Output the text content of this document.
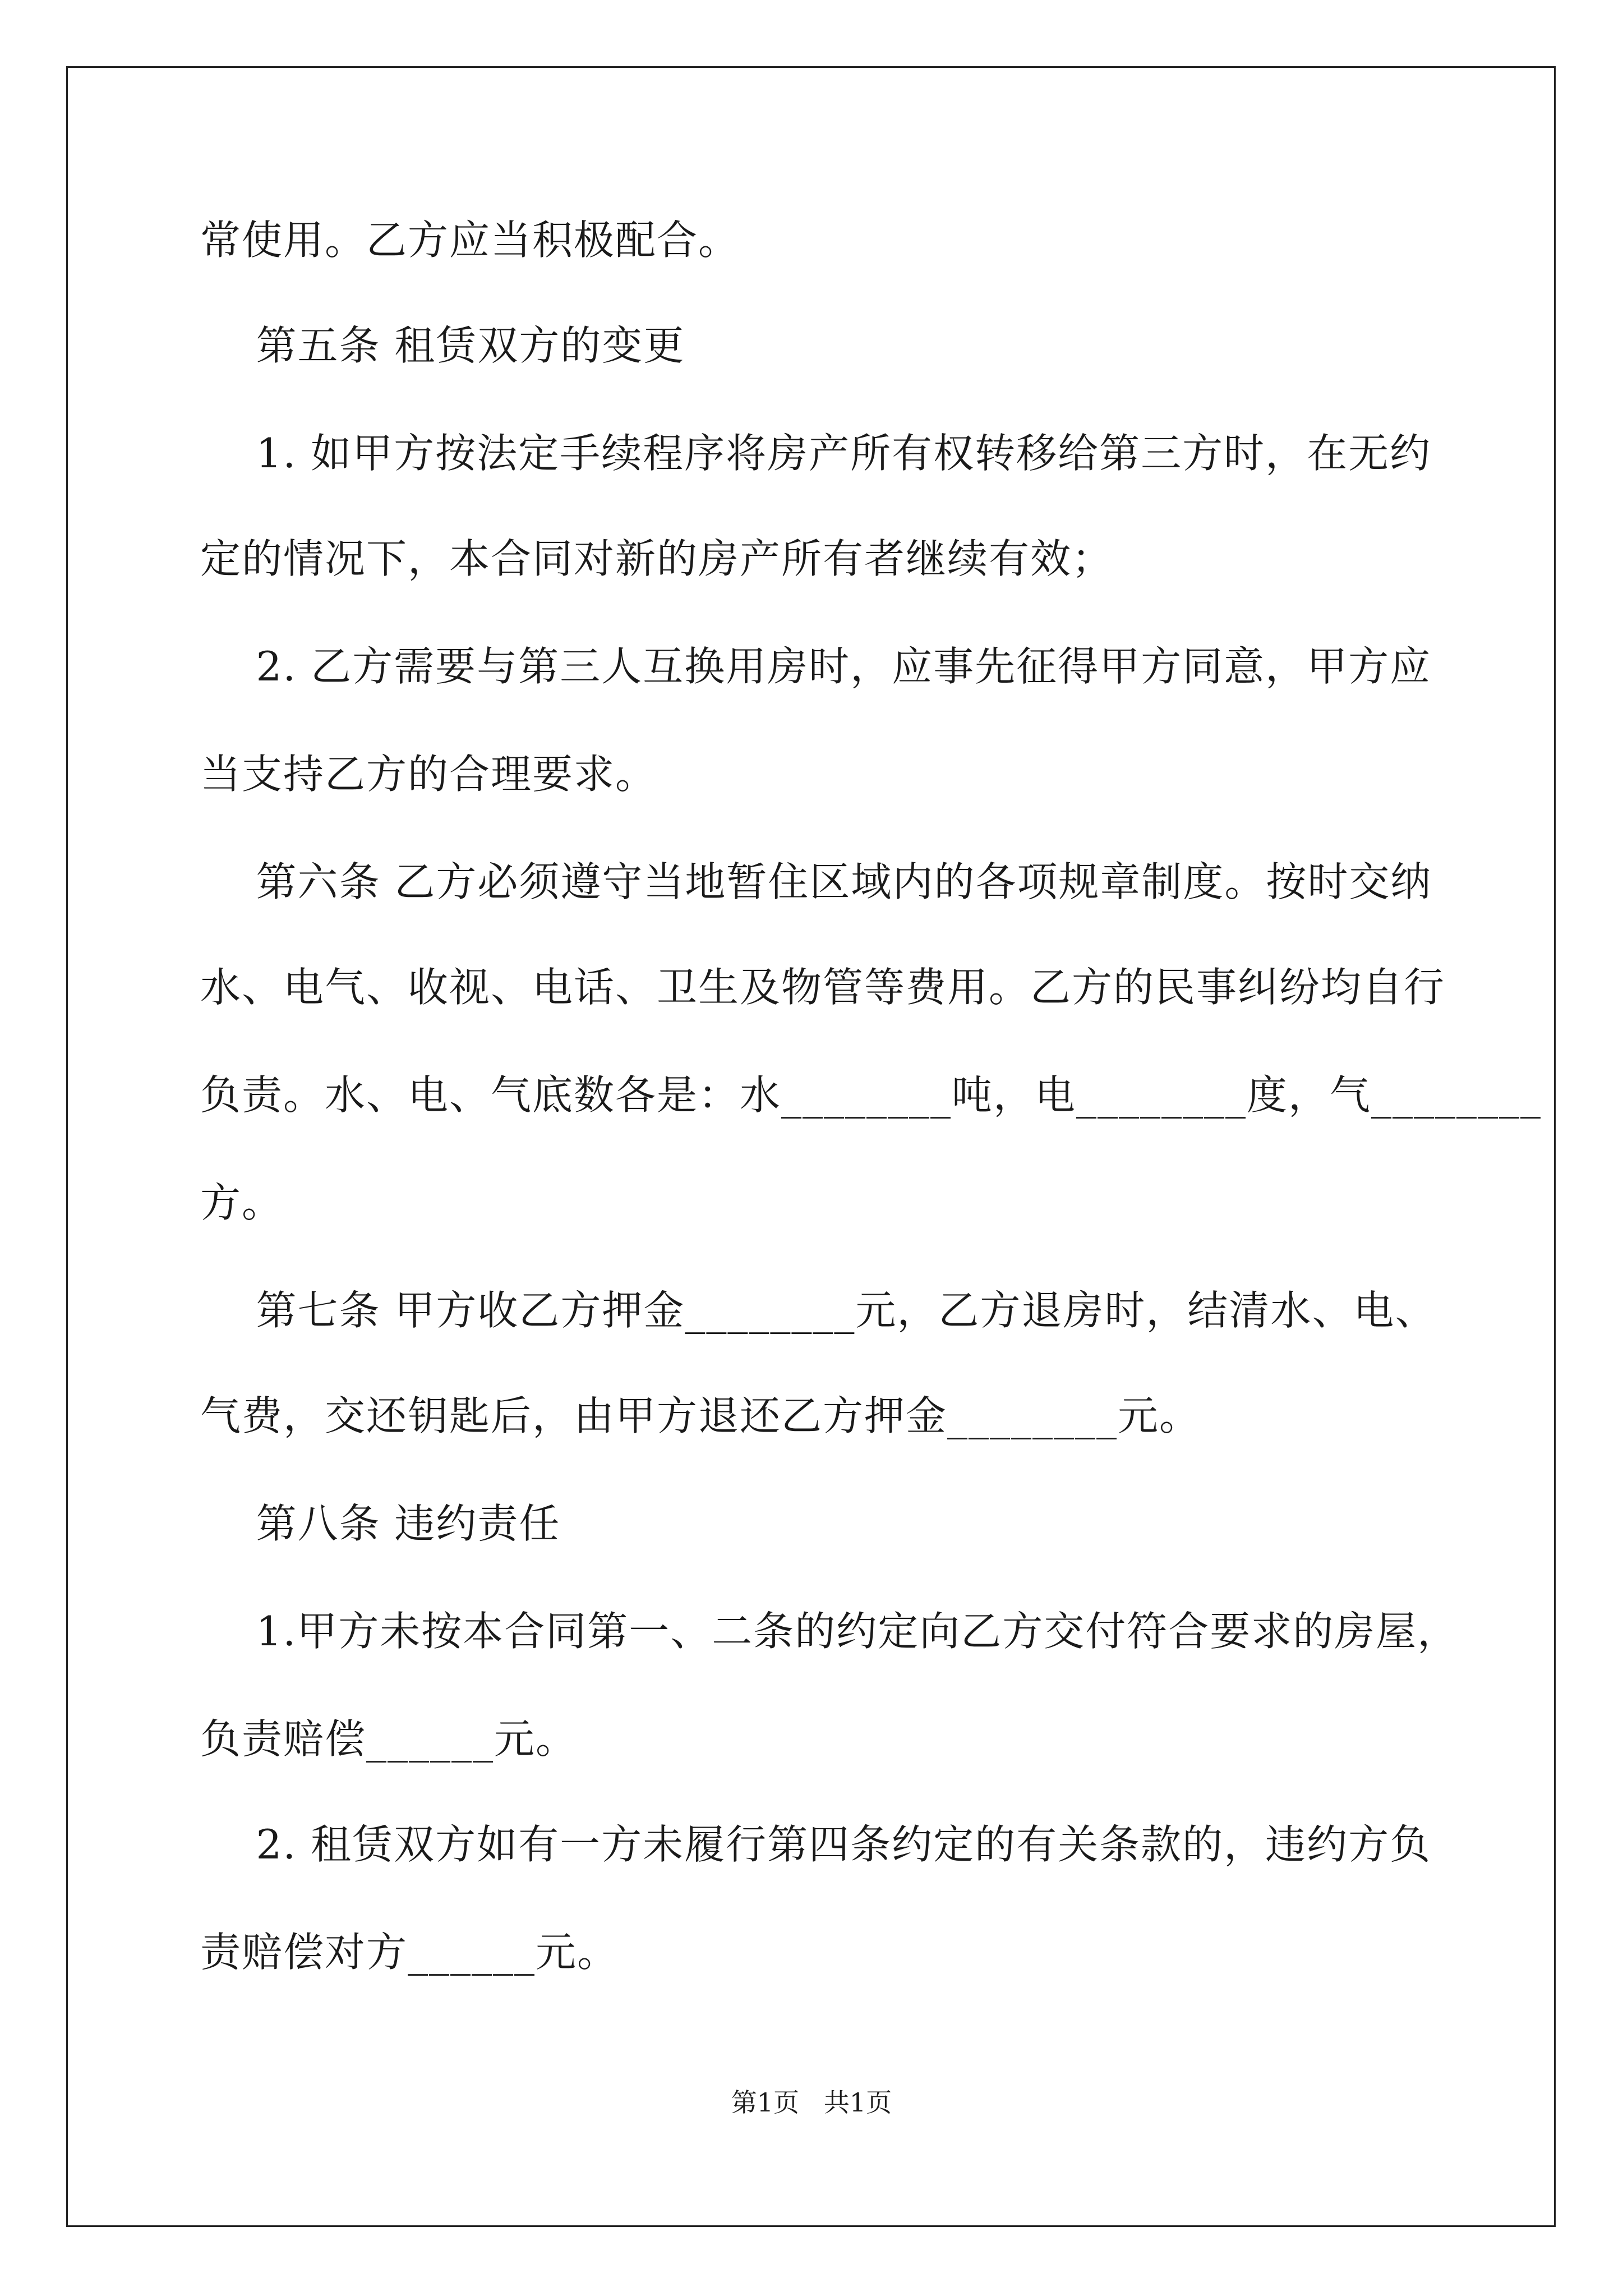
常使用。乙方应当积极配合。
第五条 租赁双方的变更
1. 如甲方按法定手续程序将房产所有权转移给第三方时，在无约
定的情况下，本合同对新的房产所有者继续有效；
2. 乙方需要与第三人互换用房时，应事先征得甲方同意，甲方应
当支持乙方的合理要求。
第六条 乙方必须遵守当地暂住区域内的各项规章制度。按时交纳
水、电气、收视、电话、卫生及物管等费用。乙方的民事纠纷均自行
负责。水、电、气底数各是：水________吨，电________度，气________
方。
第七条 甲方收乙方押金________元，乙方退房时，结清水、电、
气费，交还钥匙后，由甲方退还乙方押金________元。
第八条 违约责任
1.甲方未按本合同第一、二条的约定向乙方交付符合要求的房屋，
负责赔偿______元。
2. 租赁双方如有一方未履行第四条约定的有关条款的，违约方负
责赔偿对方______元。
第1页   共1页
